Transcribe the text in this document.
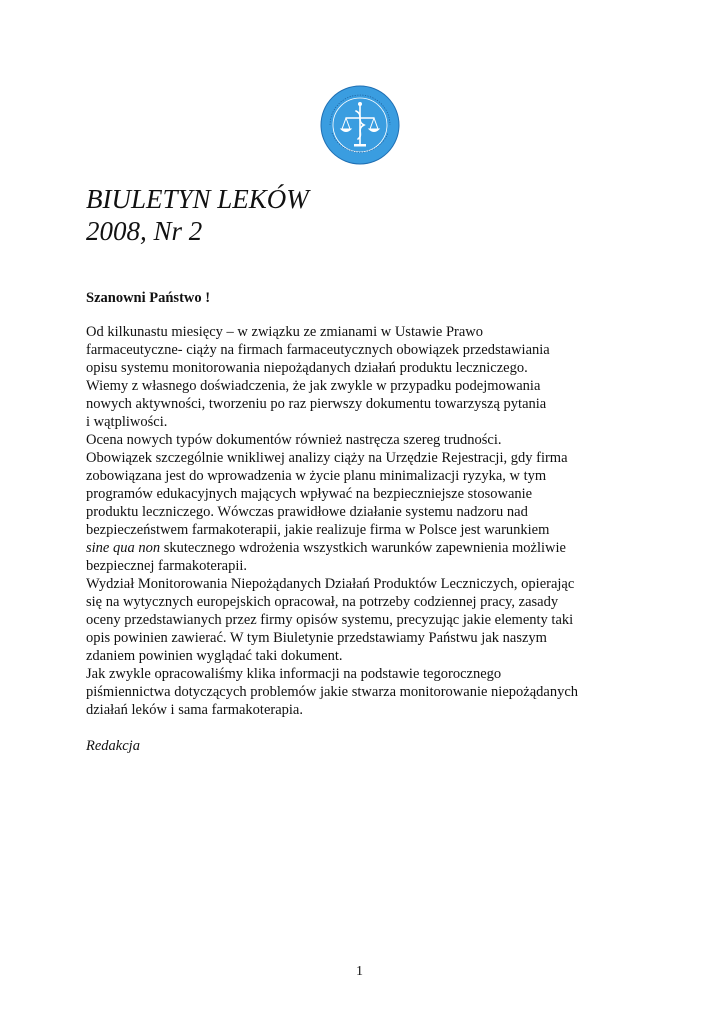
BIULETYN LEKÓW
2008, Nr 2

Szanowni Państwo !

Od kilkunastu miesięcy – w związku ze zmianami w Ustawie Prawo
farmaceutyczne- ciąży na firmach farmaceutycznych obowiązek przedstawiania
opisu systemu monitorowania niepożądanych działań produktu leczniczego.
Wiemy z własnego doświadczenia, że jak zwykle w przypadku podejmowania
nowych aktywności, tworzeniu po raz pierwszy dokumentu towarzyszą pytania
i wątpliwości.
Ocena nowych typów dokumentów również nastręcza szereg trudności.
Obowiązek szczególnie wnikliwej analizy ciąży na Urzędzie Rejestracji, gdy firma
zobowiązana jest do wprowadzenia w życie planu minimalizacji ryzyka, w tym
programów edukacyjnych mających wpływać na bezpieczniejsze stosowanie
produktu leczniczego. Wówczas prawidłowe działanie systemu nadzoru nad
bezpieczeństwem farmakoterapii, jakie realizuje firma w Polsce jest warunkiem
sine qua non skutecznego wdrożenia wszystkich warunków zapewnienia możliwie
bezpiecznej farmakoterapii.
Wydział Monitorowania Niepożądanych Działań Produktów Leczniczych, opierając
się na wytycznych europejskich opracował, na potrzeby codziennej pracy, zasady
oceny przedstawianych przez firmy opisów systemu, precyzując jakie elementy taki
opis powinien zawierać. W tym Biuletynie przedstawiamy Państwu jak naszym
zdaniem powinien wyglądać taki dokument.
Jak zwykle opracowaliśmy klika informacji na podstawie tegorocznego
piśmiennictwa dotyczących problemów jakie stwarza monitorowanie niepożądanych
działań leków i sama farmakoterapia.

Redakcja

1
